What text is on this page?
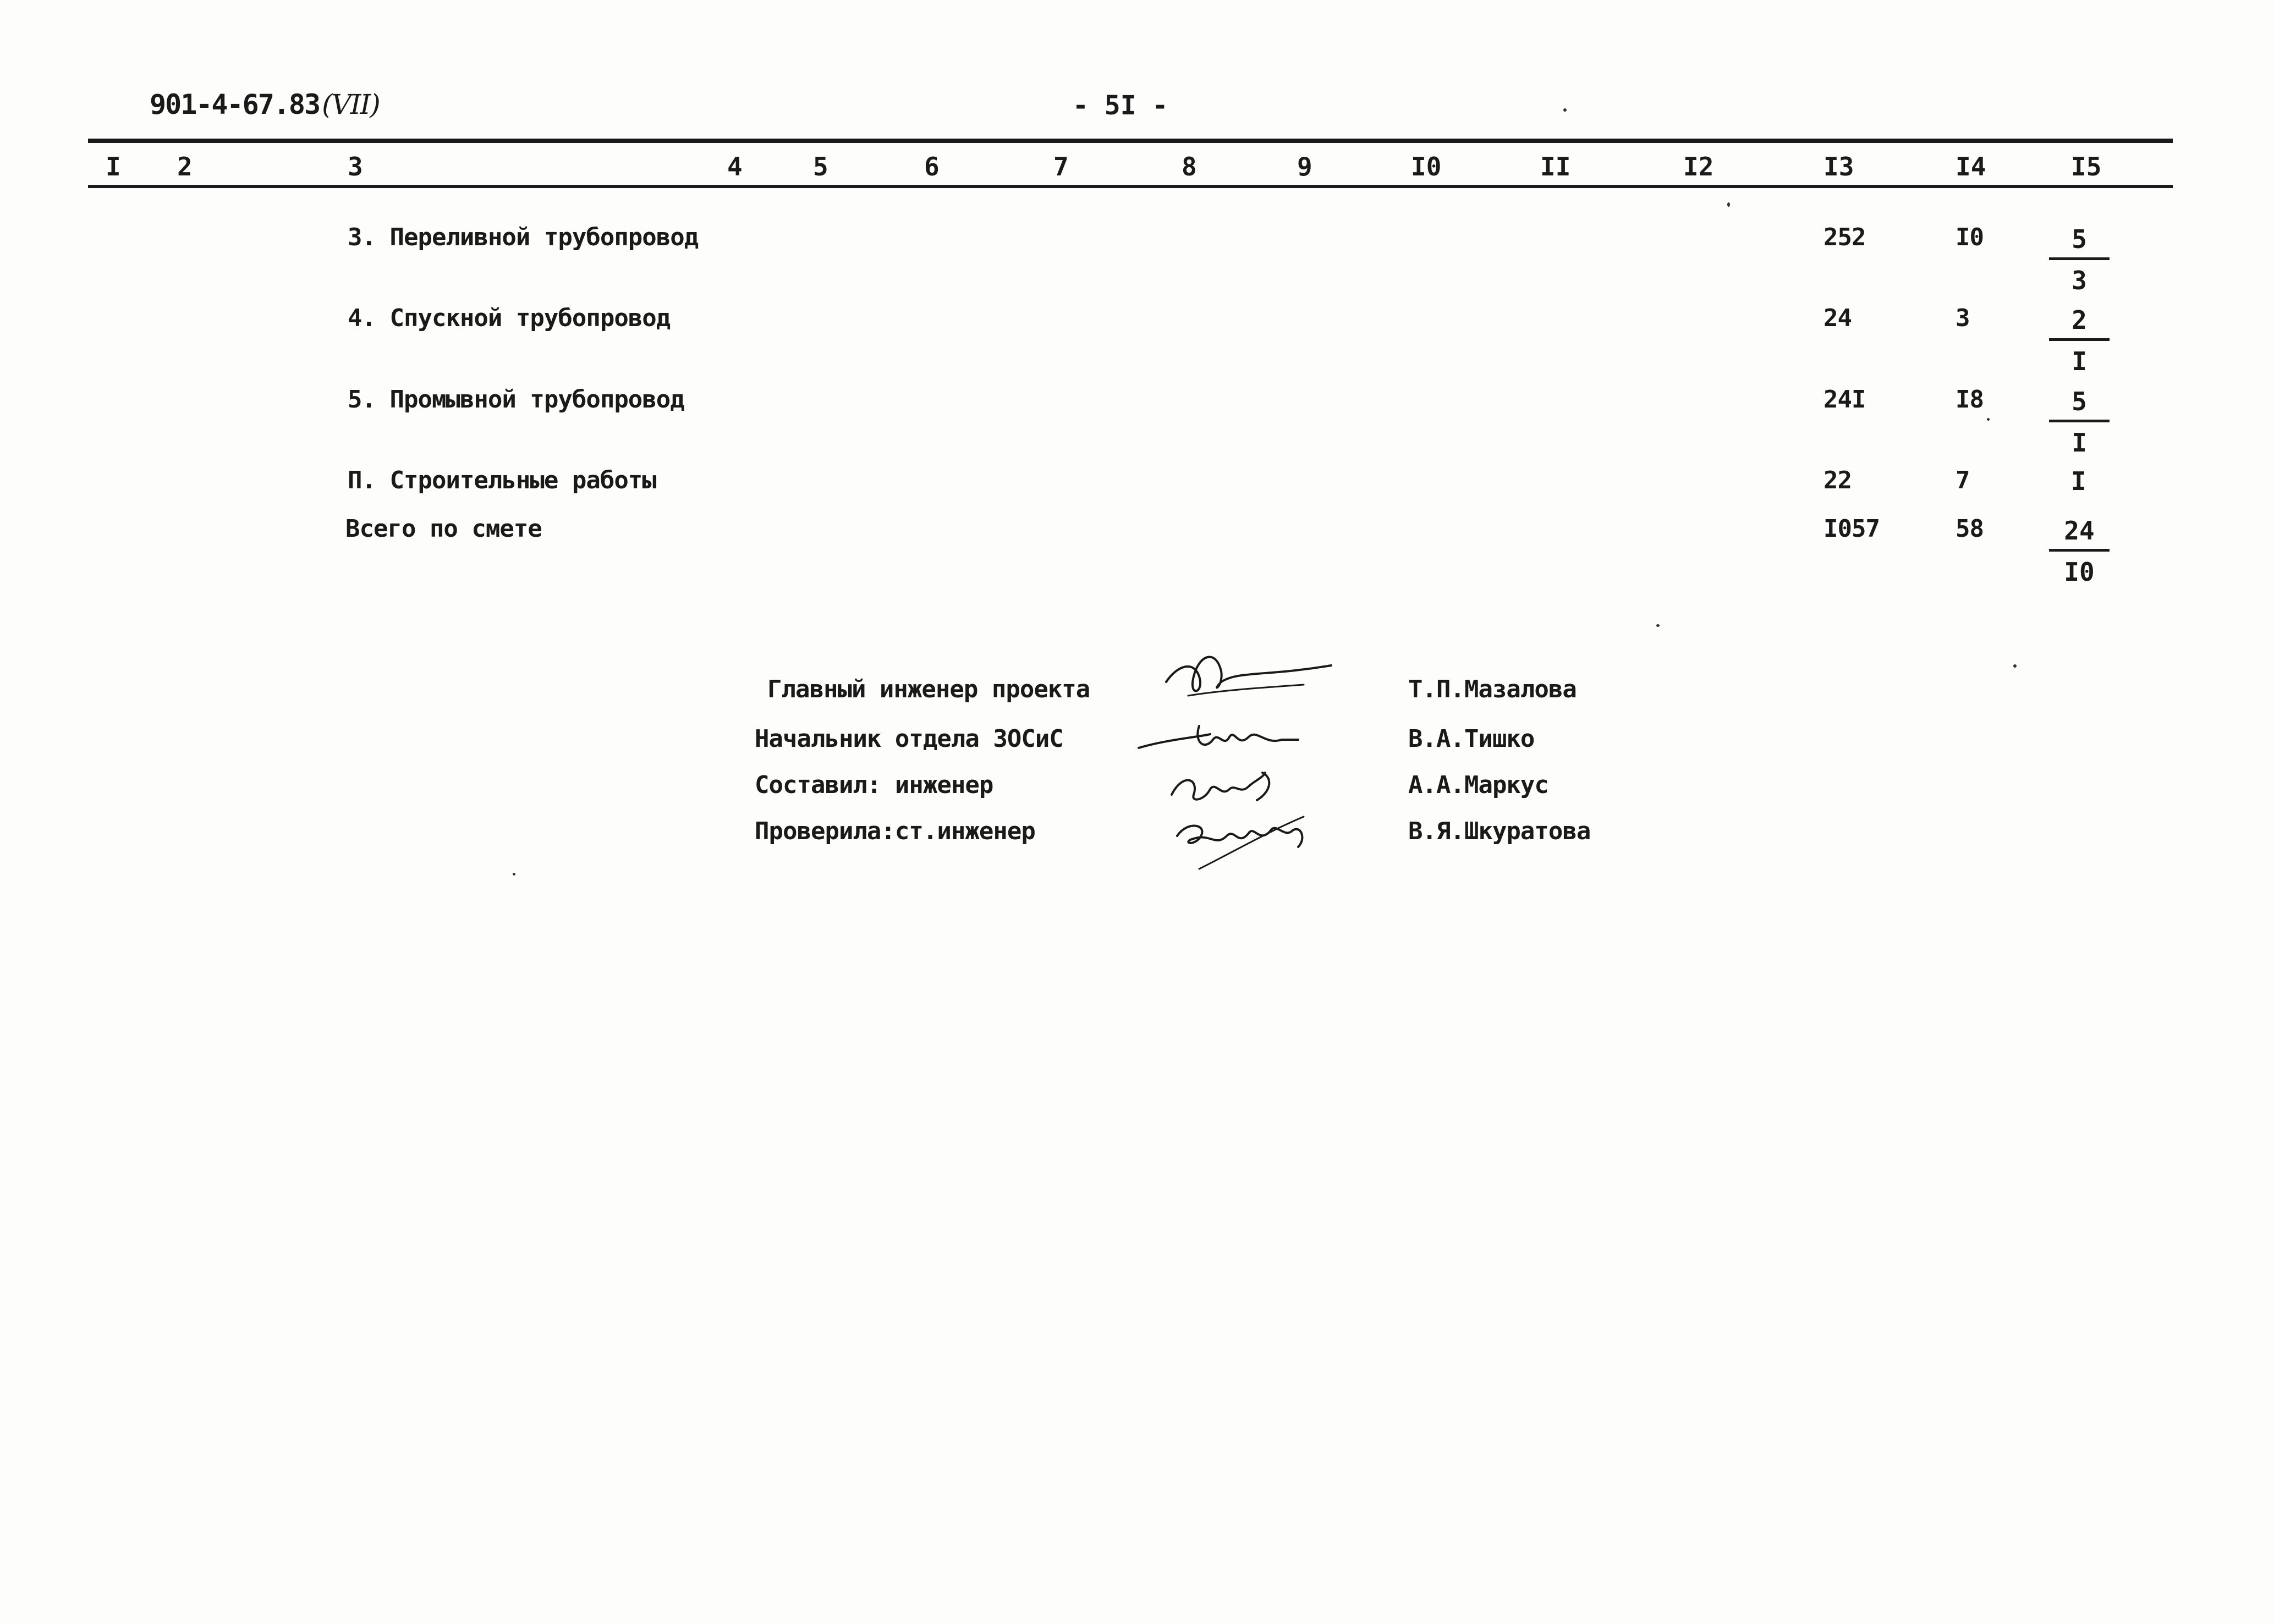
901-4-67.83(VII)	- 5I -
I 2	3	4	5	6	7	8	9	I0	II	I2	I3	I4	I5
3. Переливной трубопровод	252	I0	$\frac{5}{3}$
4. Спускной трубопровод	24	3	$\frac{2}{I}$
5. Промывной трубопровод	24I	I8	$\frac{5}{I}$
П. Строительные работы	22	7	I
Всего по смете	I057	58	$\frac{24}{I0}$
Главный инженер проекта	Т.П.Мазалова
Начальник отдела ЗОСиС	В.А.Тишко
Составил: инженер	А.А.Маркус
Проверила:ст.инженер	В.Я.Шкуратова
